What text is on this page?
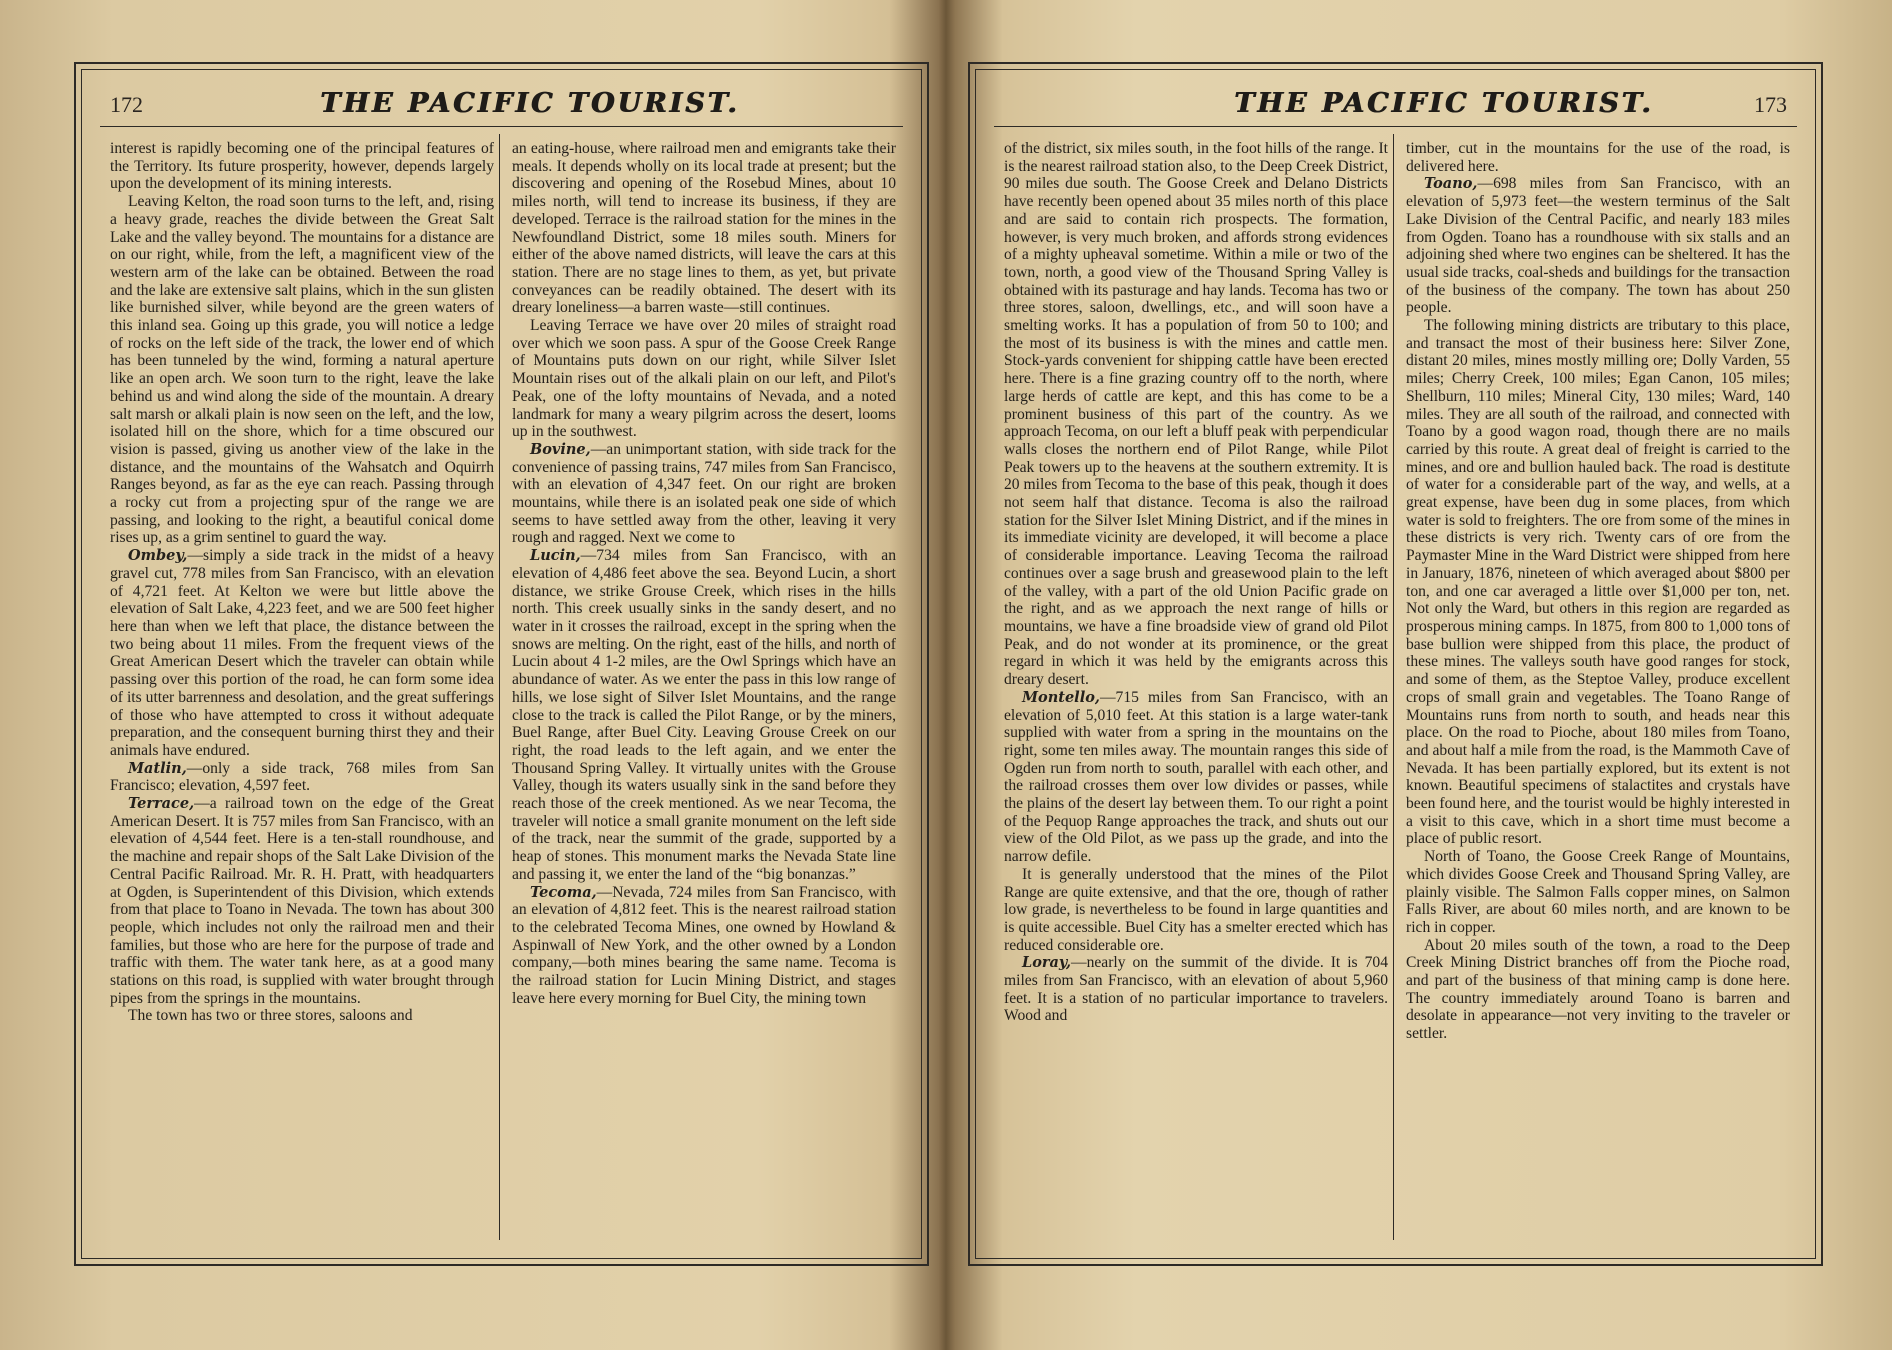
172	THE PACIFIC TOURIST.

interest is rapidly becoming one of the principal features of the Territory. Its future prosperity, however, depends largely upon the development of its mining interests.

Leaving Kelton, the road soon turns to the left, and, rising a heavy grade, reaches the divide between the Great Salt Lake and the valley beyond. The mountains for a distance are on our right, while, from the left, a magnificent view of the western arm of the lake can be obtained. Between the road and the lake are extensive salt plains, which in the sun glisten like burnished silver, while beyond are the green waters of this inland sea. Going up this grade, you will notice a ledge of rocks on the left side of the track, the lower end of which has been tunneled by the wind, forming a natural aperture like an open arch. We soon turn to the right, leave the lake behind us and wind along the side of the mountain. A dreary salt marsh or alkali plain is now seen on the left, and the low, isolated hill on the shore, which for a time obscured our vision is passed, giving us another view of the lake in the distance, and the mountains of the Wahsatch and Oquirrh Ranges beyond, as far as the eye can reach. Passing through a rocky cut from a projecting spur of the range we are passing, and looking to the right, a beautiful conical dome rises up, as a grim sentinel to guard the way.

Ombey,—simply a side track in the midst of a heavy gravel cut, 778 miles from San Francisco, with an elevation of 4,721 feet. At Kelton we were but little above the elevation of Salt Lake, 4,223 feet, and we are 500 feet higher here than when we left that place, the distance between the two being about 11 miles. From the frequent views of the Great American Desert which the traveler can obtain while passing over this portion of the road, he can form some idea of its utter barrenness and desolation, and the great sufferings of those who have attempted to cross it without adequate preparation, and the consequent burning thirst they and their animals have endured.

Matlin,—only a side track, 768 miles from San Francisco; elevation, 4,597 feet.

Terrace,—a railroad town on the edge of the Great American Desert. It is 757 miles from San Francisco, with an elevation of 4,544 feet. Here is a ten-stall roundhouse, and the machine and repair shops of the Salt Lake Division of the Central Pacific Railroad. Mr. R. H. Pratt, with headquarters at Ogden, is Superintendent of this Division, which extends from that place to Toano in Nevada. The town has about 300 people, which includes not only the railroad men and their families, but those who are here for the purpose of trade and traffic with them. The water tank here, as at a good many stations on this road, is supplied with water brought through pipes from the springs in the mountains.

The town has two or three stores, saloons and

an eating-house, where railroad men and emigrants take their meals. It depends wholly on its local trade at present; but the discovering and opening of the Rosebud Mines, about 10 miles north, will tend to increase its business, if they are developed. Terrace is the railroad station for the mines in the Newfoundland District, some 18 miles south. Miners for either of the above named districts, will leave the cars at this station. There are no stage lines to them, as yet, but private conveyances can be readily obtained. The desert with its dreary loneliness—a barren waste—still continues.

Leaving Terrace we have over 20 miles of straight road over which we soon pass. A spur of the Goose Creek Range of Mountains puts down on our right, while Silver Islet Mountain rises out of the alkali plain on our left, and Pilot's Peak, one of the lofty mountains of Nevada, and a noted landmark for many a weary pilgrim across the desert, looms up in the southwest.

Bovine,—an unimportant station, with side track for the convenience of passing trains, 747 miles from San Francisco, with an elevation of 4,347 feet. On our right are broken mountains, while there is an isolated peak one side of which seems to have settled away from the other, leaving it very rough and ragged. Next we come to

Lucin,—734 miles from San Francisco, with an elevation of 4,486 feet above the sea. Beyond Lucin, a short distance, we strike Grouse Creek, which rises in the hills north. This creek usually sinks in the sandy desert, and no water in it crosses the railroad, except in the spring when the snows are melting. On the right, east of the hills, and north of Lucin about 4 1-2 miles, are the Owl Springs which have an abundance of water. As we enter the pass in this low range of hills, we lose sight of Silver Islet Mountains, and the range close to the track is called the Pilot Range, or by the miners, Buel Range, after Buel City. Leaving Grouse Creek on our right, the road leads to the left again, and we enter the Thousand Spring Valley. It virtually unites with the Grouse Valley, though its waters usually sink in the sand before they reach those of the creek mentioned. As we near Tecoma, the traveler will notice a small granite monument on the left side of the track, near the summit of the grade, supported by a heap of stones. This monument marks the Nevada State line and passing it, we enter the land of the “big bonanzas.”

Tecoma,—Nevada, 724 miles from San Francisco, with an elevation of 4,812 feet. This is the nearest railroad station to the celebrated Tecoma Mines, one owned by Howland & Aspinwall of New York, and the other owned by a London company,—both mines bearing the same name. Tecoma is the railroad station for Lucin Mining District, and stages leave here every morning for Buel City, the mining town

THE PACIFIC TOURIST.	173

of the district, six miles south, in the foot hills of the range. It is the nearest railroad station also, to the Deep Creek District, 90 miles due south. The Goose Creek and Delano Districts have recently been opened about 35 miles north of this place and are said to contain rich prospects. The formation, however, is very much broken, and affords strong evidences of a mighty upheaval sometime. Within a mile or two of the town, north, a good view of the Thousand Spring Valley is obtained with its pasturage and hay lands. Tecoma has two or three stores, saloon, dwellings, etc., and will soon have a smelting works. It has a population of from 50 to 100; and the most of its business is with the mines and cattle men. Stock-yards convenient for shipping cattle have been erected here. There is a fine grazing country off to the north, where large herds of cattle are kept, and this has come to be a prominent business of this part of the country. As we approach Tecoma, on our left a bluff peak with perpendicular walls closes the northern end of Pilot Range, while Pilot Peak towers up to the heavens at the southern extremity. It is 20 miles from Tecoma to the base of this peak, though it does not seem half that distance. Tecoma is also the railroad station for the Silver Islet Mining District, and if the mines in its immediate vicinity are developed, it will become a place of considerable importance. Leaving Tecoma the railroad continues over a sage brush and greasewood plain to the left of the valley, with a part of the old Union Pacific grade on the right, and as we approach the next range of hills or mountains, we have a fine broadside view of grand old Pilot Peak, and do not wonder at its prominence, or the great regard in which it was held by the emigrants across this dreary desert.

Montello,—715 miles from San Francisco, with an elevation of 5,010 feet. At this station is a large water-tank supplied with water from a spring in the mountains on the right, some ten miles away. The mountain ranges this side of Ogden run from north to south, parallel with each other, and the railroad crosses them over low divides or passes, while the plains of the desert lay between them. To our right a point of the Pequop Range approaches the track, and shuts out our view of the Old Pilot, as we pass up the grade, and into the narrow defile.

It is generally understood that the mines of the Pilot Range are quite extensive, and that the ore, though of rather low grade, is nevertheless to be found in large quantities and is quite accessible. Buel City has a smelter erected which has reduced considerable ore.

Loray,—nearly on the summit of the divide. It is 704 miles from San Francisco, with an elevation of about 5,960 feet. It is a station of no particular importance to travelers. Wood and

timber, cut in the mountains for the use of the road, is delivered here.

Toano,—698 miles from San Francisco, with an elevation of 5,973 feet—the western terminus of the Salt Lake Division of the Central Pacific, and nearly 183 miles from Ogden. Toano has a roundhouse with six stalls and an adjoining shed where two engines can be sheltered. It has the usual side tracks, coal-sheds and buildings for the transaction of the business of the company. The town has about 250 people.

The following mining districts are tributary to this place, and transact the most of their business here: Silver Zone, distant 20 miles, mines mostly milling ore; Dolly Varden, 55 miles; Cherry Creek, 100 miles; Egan Canon, 105 miles; Shellburn, 110 miles; Mineral City, 130 miles; Ward, 140 miles. They are all south of the railroad, and connected with Toano by a good wagon road, though there are no mails carried by this route. A great deal of freight is carried to the mines, and ore and bullion hauled back. The road is destitute of water for a considerable part of the way, and wells, at a great expense, have been dug in some places, from which water is sold to freighters. The ore from some of the mines in these districts is very rich. Twenty cars of ore from the Paymaster Mine in the Ward District were shipped from here in January, 1876, nineteen of which averaged about $800 per ton, and one car averaged a little over $1,000 per ton, net. Not only the Ward, but others in this region are regarded as prosperous mining camps. In 1875, from 800 to 1,000 tons of base bullion were shipped from this place, the product of these mines. The valleys south have good ranges for stock, and some of them, as the Steptoe Valley, produce excellent crops of small grain and vegetables. The Toano Range of Mountains runs from north to south, and heads near this place. On the road to Pioche, about 180 miles from Toano, and about half a mile from the road, is the Mammoth Cave of Nevada. It has been partially explored, but its extent is not known. Beautiful specimens of stalactites and crystals have been found here, and the tourist would be highly interested in a visit to this cave, which in a short time must become a place of public resort.

North of Toano, the Goose Creek Range of Mountains, which divides Goose Creek and Thousand Spring Valley, are plainly visible. The Salmon Falls copper mines, on Salmon Falls River, are about 60 miles north, and are known to be rich in copper.

About 20 miles south of the town, a road to the Deep Creek Mining District branches off from the Pioche road, and part of the business of that mining camp is done here. The country immediately around Toano is barren and desolate in appearance—not very inviting to the traveler or settler.
